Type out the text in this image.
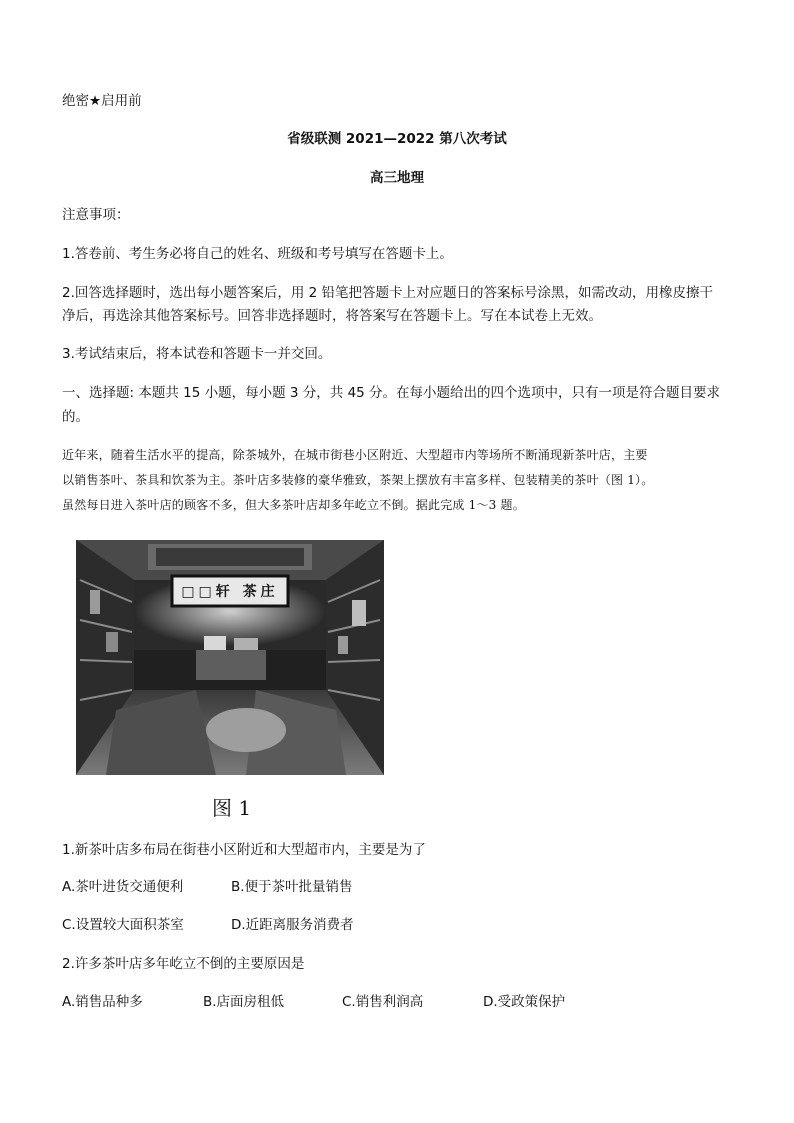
绝密★启用前
省级联测 2021—2022 第八次考试
高三地理
注意事项：
1.答卷前、考生务必将自己的姓名、班级和考号填写在答题卡上。
2.回答选择题时，选出每小题答案后，用 2 铅笔把答题卡上对应题日的答案标号涂黑，如需改动，用橡皮擦干
净后，再选涂其他答案标号。回答非选择题时，将答案写在答题卡上。写在本试卷上无效。
3.考试结束后，将本试卷和答题卡一并交回。
一、选择题: 本题共 15 小题，每小题 3 分，共 45 分。在每小题给出的四个选项中，只有一项是符合题目要求
的。
近年来，随着生活水平的提高，除茶城外，在城市街巷小区附近、大型超市内等场所不断涌现新茶叶店，主要
以销售茶叶、茶具和饮茶为主。茶叶店多装修的豪华雅致，茶架上摆放有丰富多样、包装精美的茶叶（图 1）。
虽然每日进入茶叶店的顾客不多，但大多茶叶店却多年屹立不倒。据此完成 1～3 题。
□□轩 茶庄
图 1
1.新茶叶店多布局在街巷小区附近和大型超市内，主要是为了
A.茶叶进货交通便利	B.便于茶叶批量销售
C.设置较大面积茶室	D.近距离服务消费者
2.许多茶叶店多年屹立不倒的主要原因是
A.销售品种多	B.店面房租低	C.销售利润高	D.受政策保护
